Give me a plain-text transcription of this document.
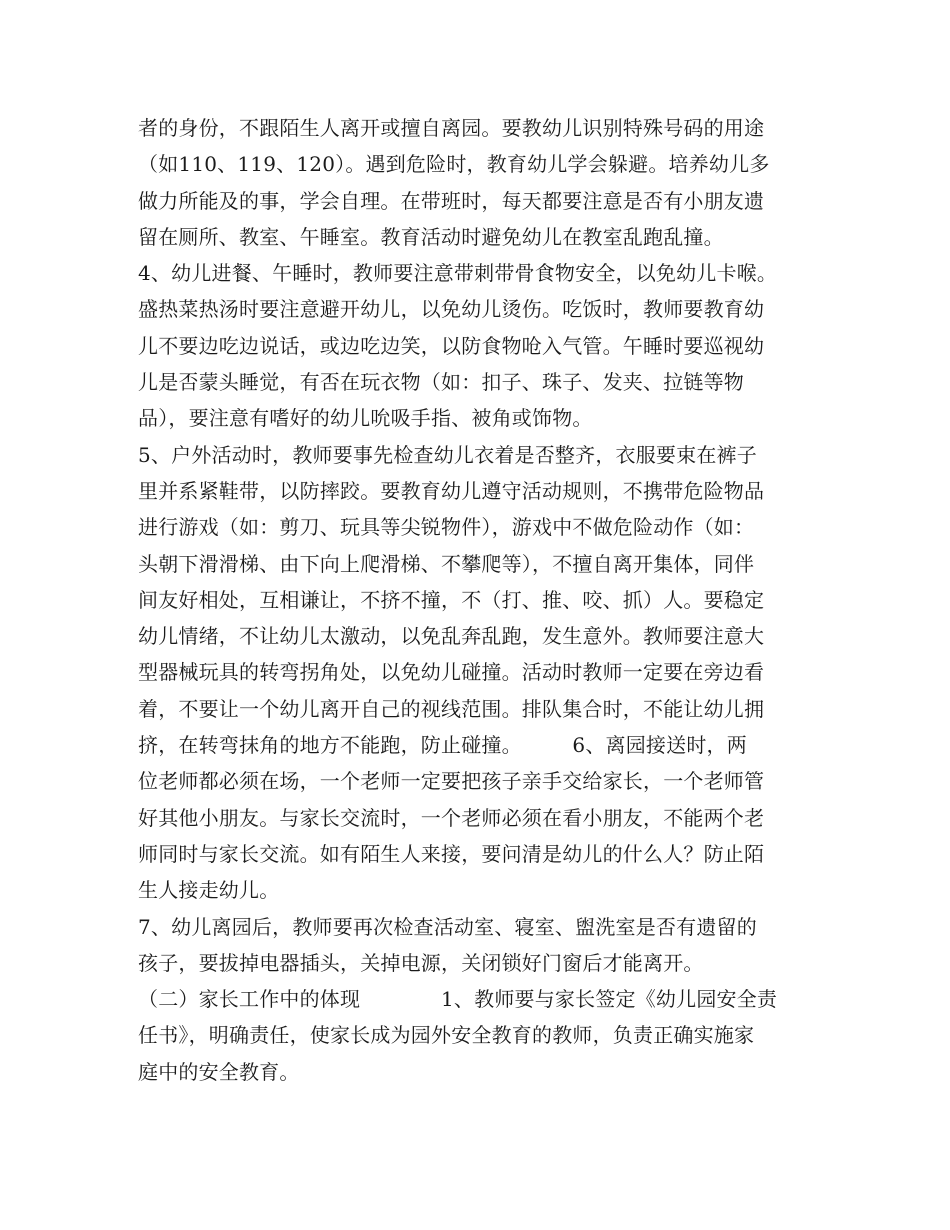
者的身份，不跟陌生人离开或擅自离园。要教幼儿识别特殊号码的用途
（如110、119、120）。遇到危险时，教育幼儿学会躲避。培养幼儿多
做力所能及的事，学会自理。在带班时，每天都要注意是否有小朋友遗
留在厕所、教室、午睡室。教育活动时避免幼儿在教室乱跑乱撞。
4、幼儿进餐、午睡时，教师要注意带刺带骨食物安全，以免幼儿卡喉。
盛热菜热汤时要注意避开幼儿，以免幼儿烫伤。吃饭时，教师要教育幼
儿不要边吃边说话，或边吃边笑，以防食物呛入气管。午睡时要巡视幼
儿是否蒙头睡觉，有否在玩衣物（如：扣子、珠子、发夹、拉链等物
品），要注意有嗜好的幼儿吮吸手指、被角或饰物。
5、户外活动时，教师要事先检查幼儿衣着是否整齐，衣服要束在裤子
里并系紧鞋带，以防摔跤。要教育幼儿遵守活动规则，不携带危险物品
进行游戏（如：剪刀、玩具等尖锐物件），游戏中不做危险动作（如：
头朝下滑滑梯、由下向上爬滑梯、不攀爬等），不擅自离开集体，同伴
间友好相处，互相谦让，不挤不撞，不（打、推、咬、抓）人。要稳定
幼儿情绪，不让幼儿太激动，以免乱奔乱跑，发生意外。教师要注意大
型器械玩具的转弯拐角处，以免幼儿碰撞。活动时教师一定要在旁边看
着，不要让一个幼儿离开自己的视线范围。排队集合时，不能让幼儿拥
挤，在转弯抹角的地方不能跑，防止碰撞。　　　6、离园接送时，两
位老师都必须在场，一个老师一定要把孩子亲手交给家长，一个老师管
好其他小朋友。与家长交流时，一个老师必须在看小朋友，不能两个老
师同时与家长交流。如有陌生人来接，要问清是幼儿的什么人？防止陌
生人接走幼儿。
7、幼儿离园后，教师要再次检查活动室、寝室、盥洗室是否有遗留的
孩子，要拔掉电器插头，关掉电源，关闭锁好门窗后才能离开。
（二）家长工作中的体现　　　　1、教师要与家长签定《幼儿园安全责
任书》，明确责任，使家长成为园外安全教育的教师，负责正确实施家
庭中的安全教育。
